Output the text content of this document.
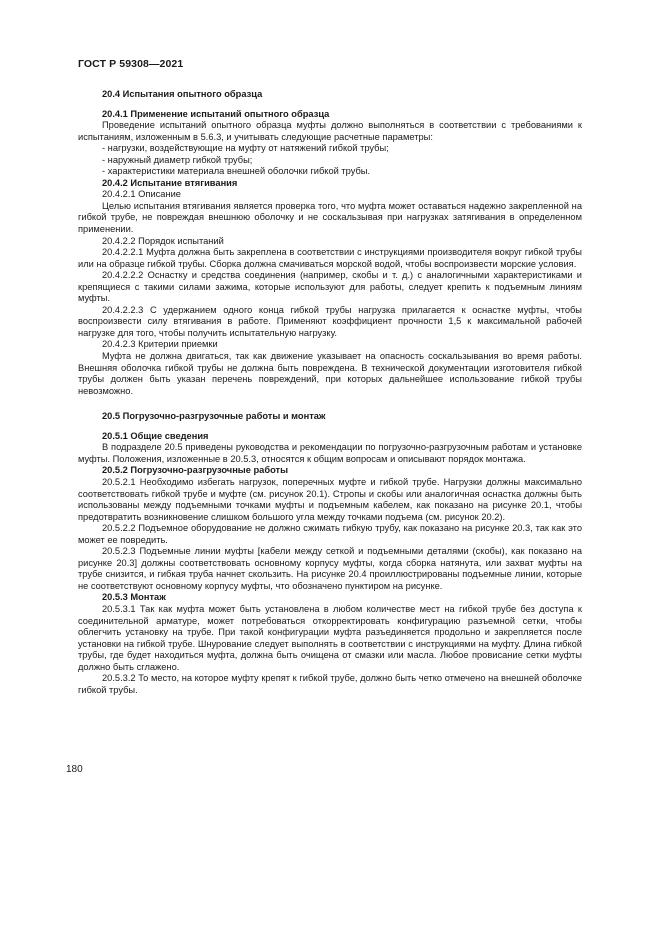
ГОСТ Р 59308—2021

20.4 Испытания опытного образца

20.4.1 Применение испытаний опытного образца

Проведение испытаний опытного образца муфты должно выполняться в соответствии с требованиями к испытаниям, изложенным в 5.6.3, и учитывать следующие расчетные параметры:

- нагрузки, воздействующие на муфту от натяжений гибкой трубы;

- наружный диаметр гибкой трубы;

- характеристики материала внешней оболочки гибкой трубы.

20.4.2 Испытание втягивания

20.4.2.1 Описание

Целью испытания втягивания является проверка того, что муфта может оставаться надежно закрепленной на гибкой трубе, не повреждая внешнюю оболочку и не соскальзывая при нагрузках затягивания в определенном применении.

20.4.2.2 Порядок испытаний

20.4.2.2.1 Муфта должна быть закреплена в соответствии с инструкциями производителя вокруг гибкой трубы или на образце гибкой трубы. Сборка должна смачиваться морской водой, чтобы воспроизвести морские условия.

20.4.2.2.2 Оснастку и средства соединения (например, скобы и т. д.) с аналогичными характеристиками и крепящиеся с такими силами зажима, которые используют для работы, следует крепить к подъемным линиям муфты.

20.4.2.2.3 С удержанием одного конца гибкой трубы нагрузка прилагается к оснастке муфты, чтобы воспроизвести силу втягивания в работе. Применяют коэффициент прочности 1,5 к максимальной рабочей нагрузке для того, чтобы получить испытательную нагрузку.

20.4.2.3 Критерии приемки

Муфта не должна двигаться, так как движение указывает на опасность соскальзывания во время работы. Внешняя оболочка гибкой трубы не должна быть повреждена. В технической документации изготовителя гибкой трубы должен быть указан перечень повреждений, при которых дальнейшее использование гибкой трубы невозможно.

20.5 Погрузочно-разгрузочные работы и монтаж

20.5.1 Общие сведения

В подразделе 20.5 приведены руководства и рекомендации по погрузочно-разгрузочным работам и установке муфты. Положения, изложенные в 20.5.3, относятся к общим вопросам и описывают порядок монтажа.

20.5.2 Погрузочно-разгрузочные работы

20.5.2.1 Необходимо избегать нагрузок, поперечных муфте и гибкой трубе. Нагрузки должны максимально соответствовать гибкой трубе и муфте (см. рисунок 20.1). Стропы и скобы или аналогичная оснастка должны быть использованы между подъемными точками муфты и подъемным кабелем, как показано на рисунке 20.1, чтобы предотвратить возникновение слишком большого угла между точками подъема (см. рисунок 20.2).

20.5.2.2 Подъемное оборудование не должно сжимать гибкую трубу, как показано на рисунке 20.3, так как это может ее повредить.

20.5.2.3 Подъемные линии муфты [кабели между сеткой и подъемными деталями (скобы), как показано на рисунке 20.3] должны соответствовать основному корпусу муфты, когда сборка натянута, или захват муфты на трубе снизится, и гибкая труба начнет скользить. На рисунке 20.4 проиллюстрированы подъемные линии, которые не соответствуют основному корпусу муфты, что обозначено пунктиром на рисунке.

20.5.3 Монтаж

20.5.3.1 Так как муфта может быть установлена в любом количестве мест на гибкой трубе без доступа к соединительной арматуре, может потребоваться откорректировать конфигурацию разъемной сетки, чтобы облегчить установку на трубе. При такой конфигурации муфта разъединяется продольно и закрепляется после установки на гибкой трубе. Шнурование следует выполнять в соответствии с инструкциями на муфту. Длина гибкой трубы, где будет находиться муфта, должна быть очищена от смазки или масла. Любое провисание сетки муфты должно быть сглажено.

20.5.3.2 То место, на которое муфту крепят к гибкой трубе, должно быть четко отмечено на внешней оболочке гибкой трубы.

180
